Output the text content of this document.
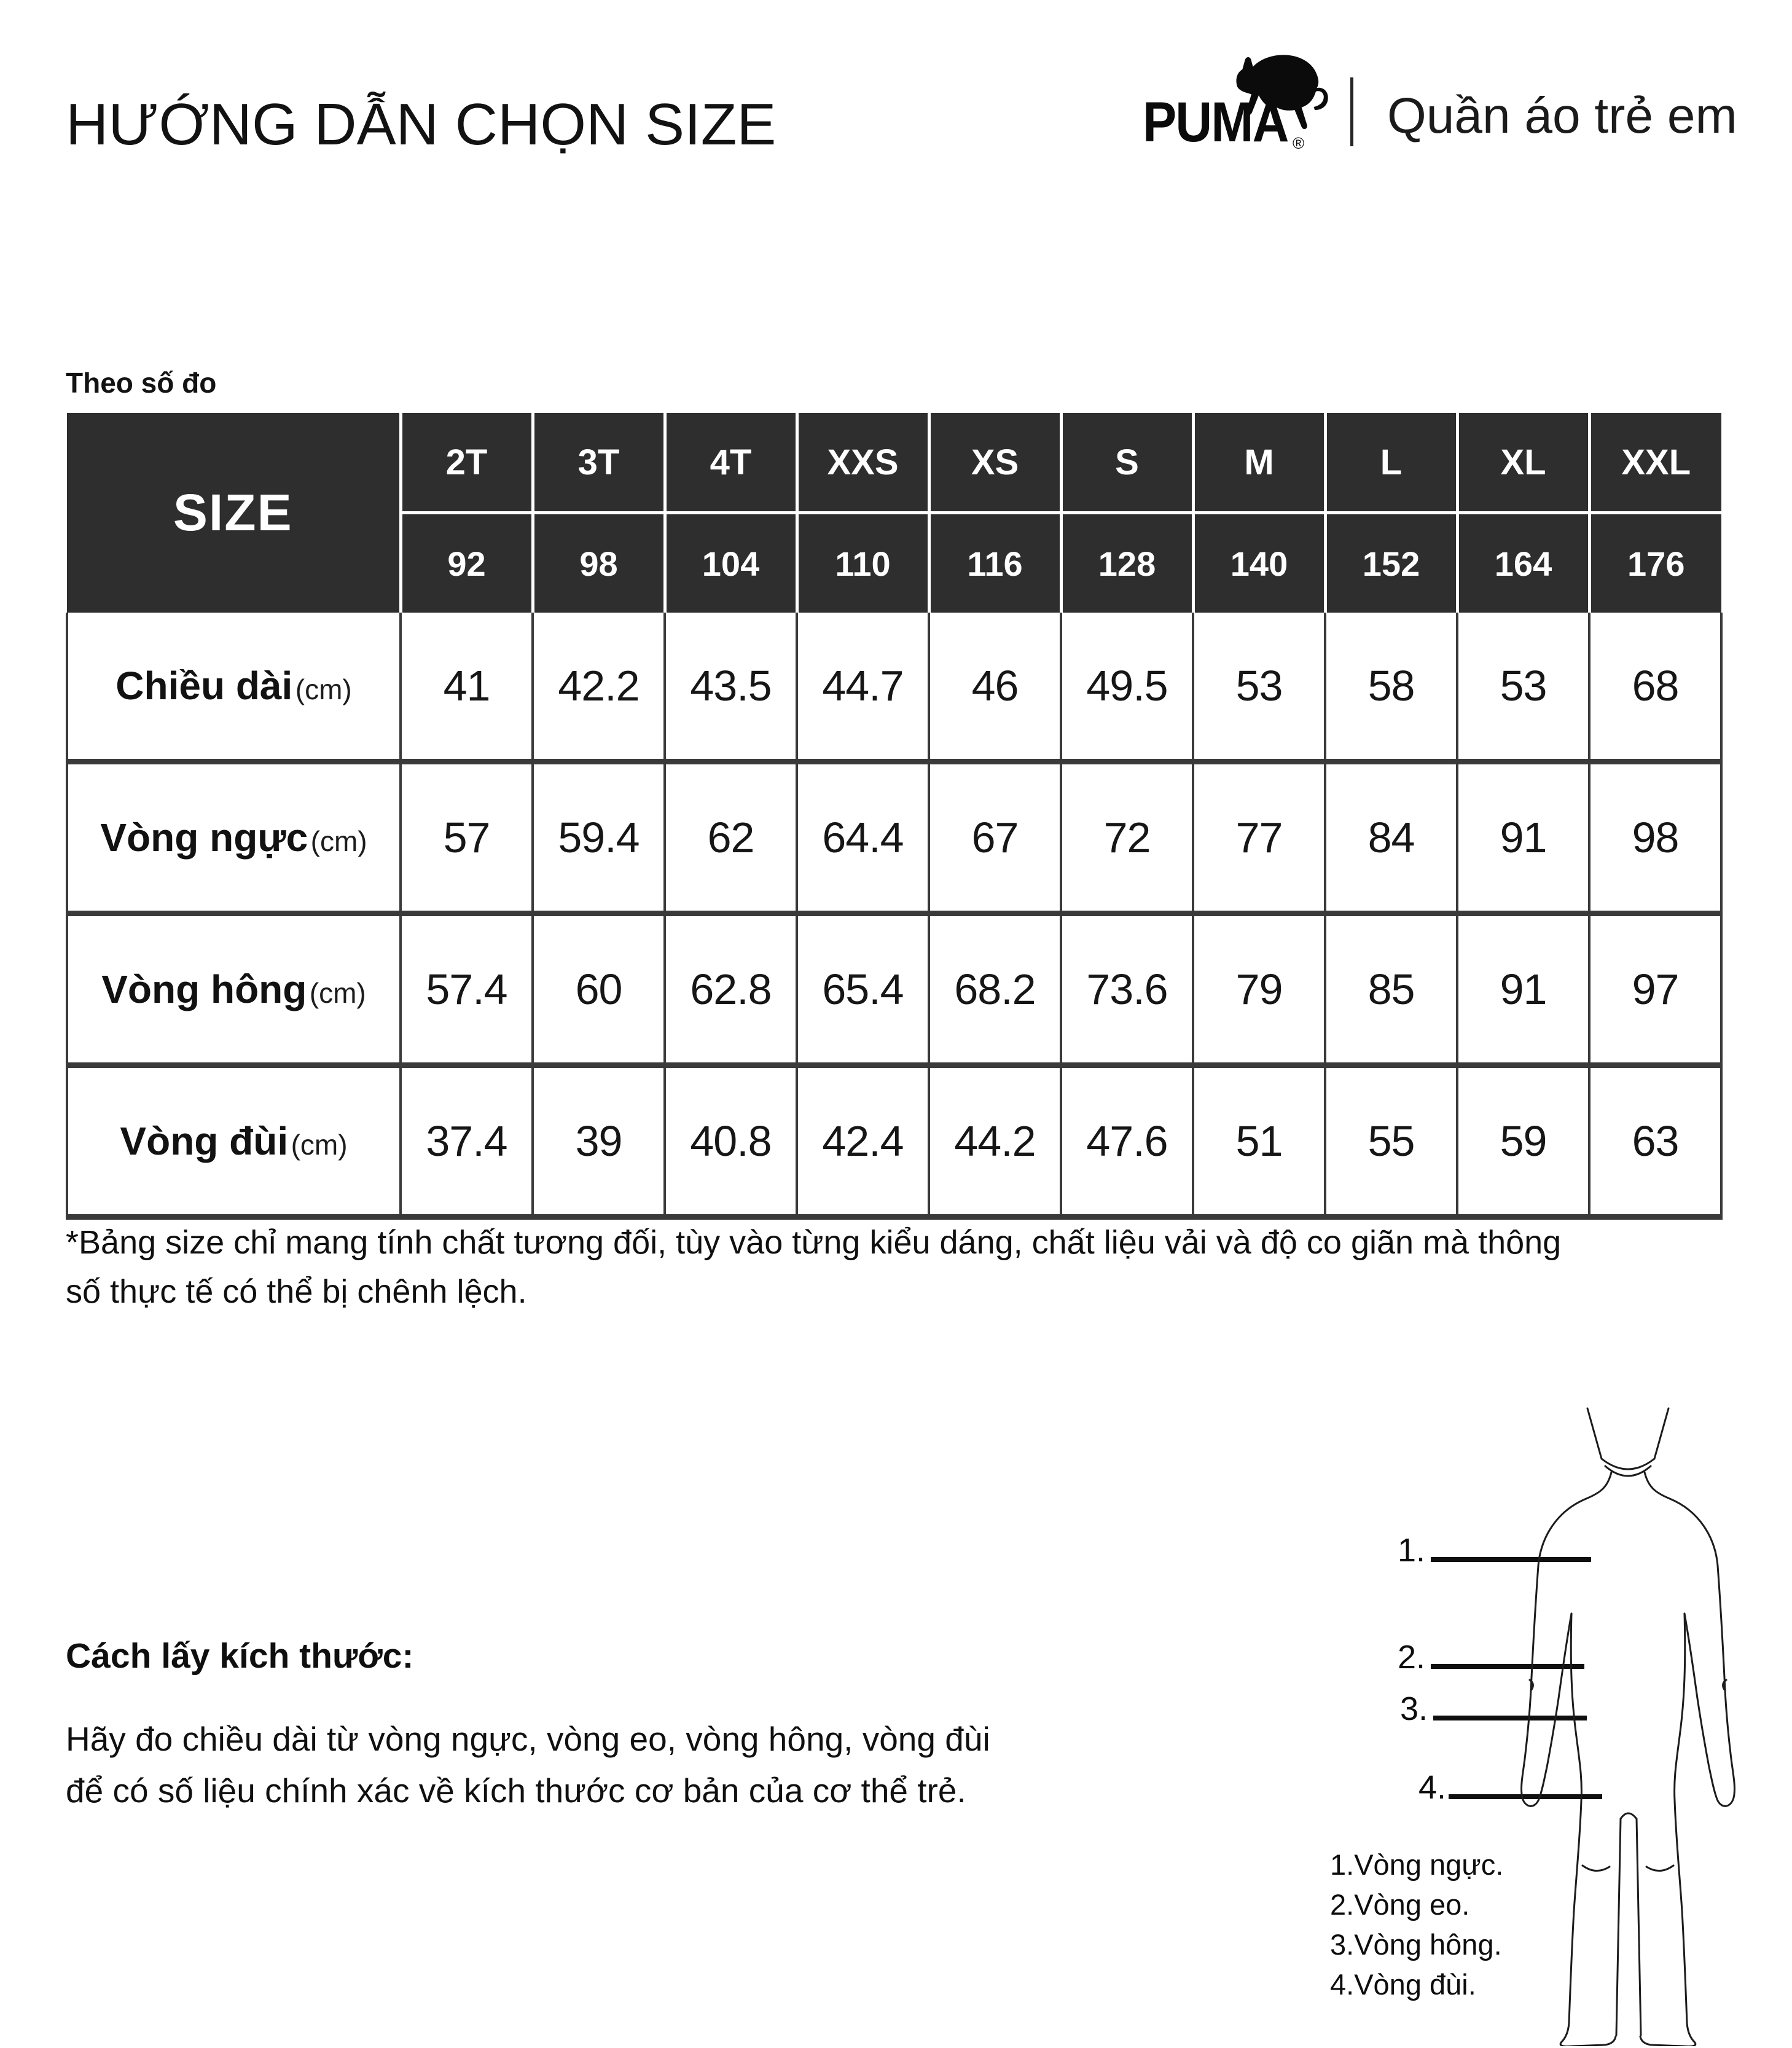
HƯỚNG DẪN CHỌN SIZE	PUMA ® Quần áo trẻ em
Theo số đo
SIZE	2T	3T	4T	XXS	XS	S	M	L	XL	XXL
	92	98	104	110	116	128	140	152	164	176
Chiều dài (cm)	41	42.2	43.5	44.7	46	49.5	53	58	53	68
Vòng ngực (cm)	57	59.4	62	64.4	67	72	77	84	91	98
Vòng hông (cm)	57.4	60	62.8	65.4	68.2	73.6	79	85	91	97
Vòng đùi (cm)	37.4	39	40.8	42.4	44.2	47.6	51	55	59	63
*Bảng size chỉ mang tính chất tương đối, tùy vào từng kiểu dáng, chất liệu vải và độ co giãn mà thông
số thực tế có thể bị chênh lệch.
Cách lấy kích thước:
Hãy đo chiều dài từ vòng ngực, vòng eo, vòng hông, vòng đùi
để có số liệu chính xác về kích thước cơ bản của cơ thể trẻ.
1.
2.
3.
4.
1.Vòng ngực.
2.Vòng eo.
3.Vòng hông.
4.Vòng đùi.
